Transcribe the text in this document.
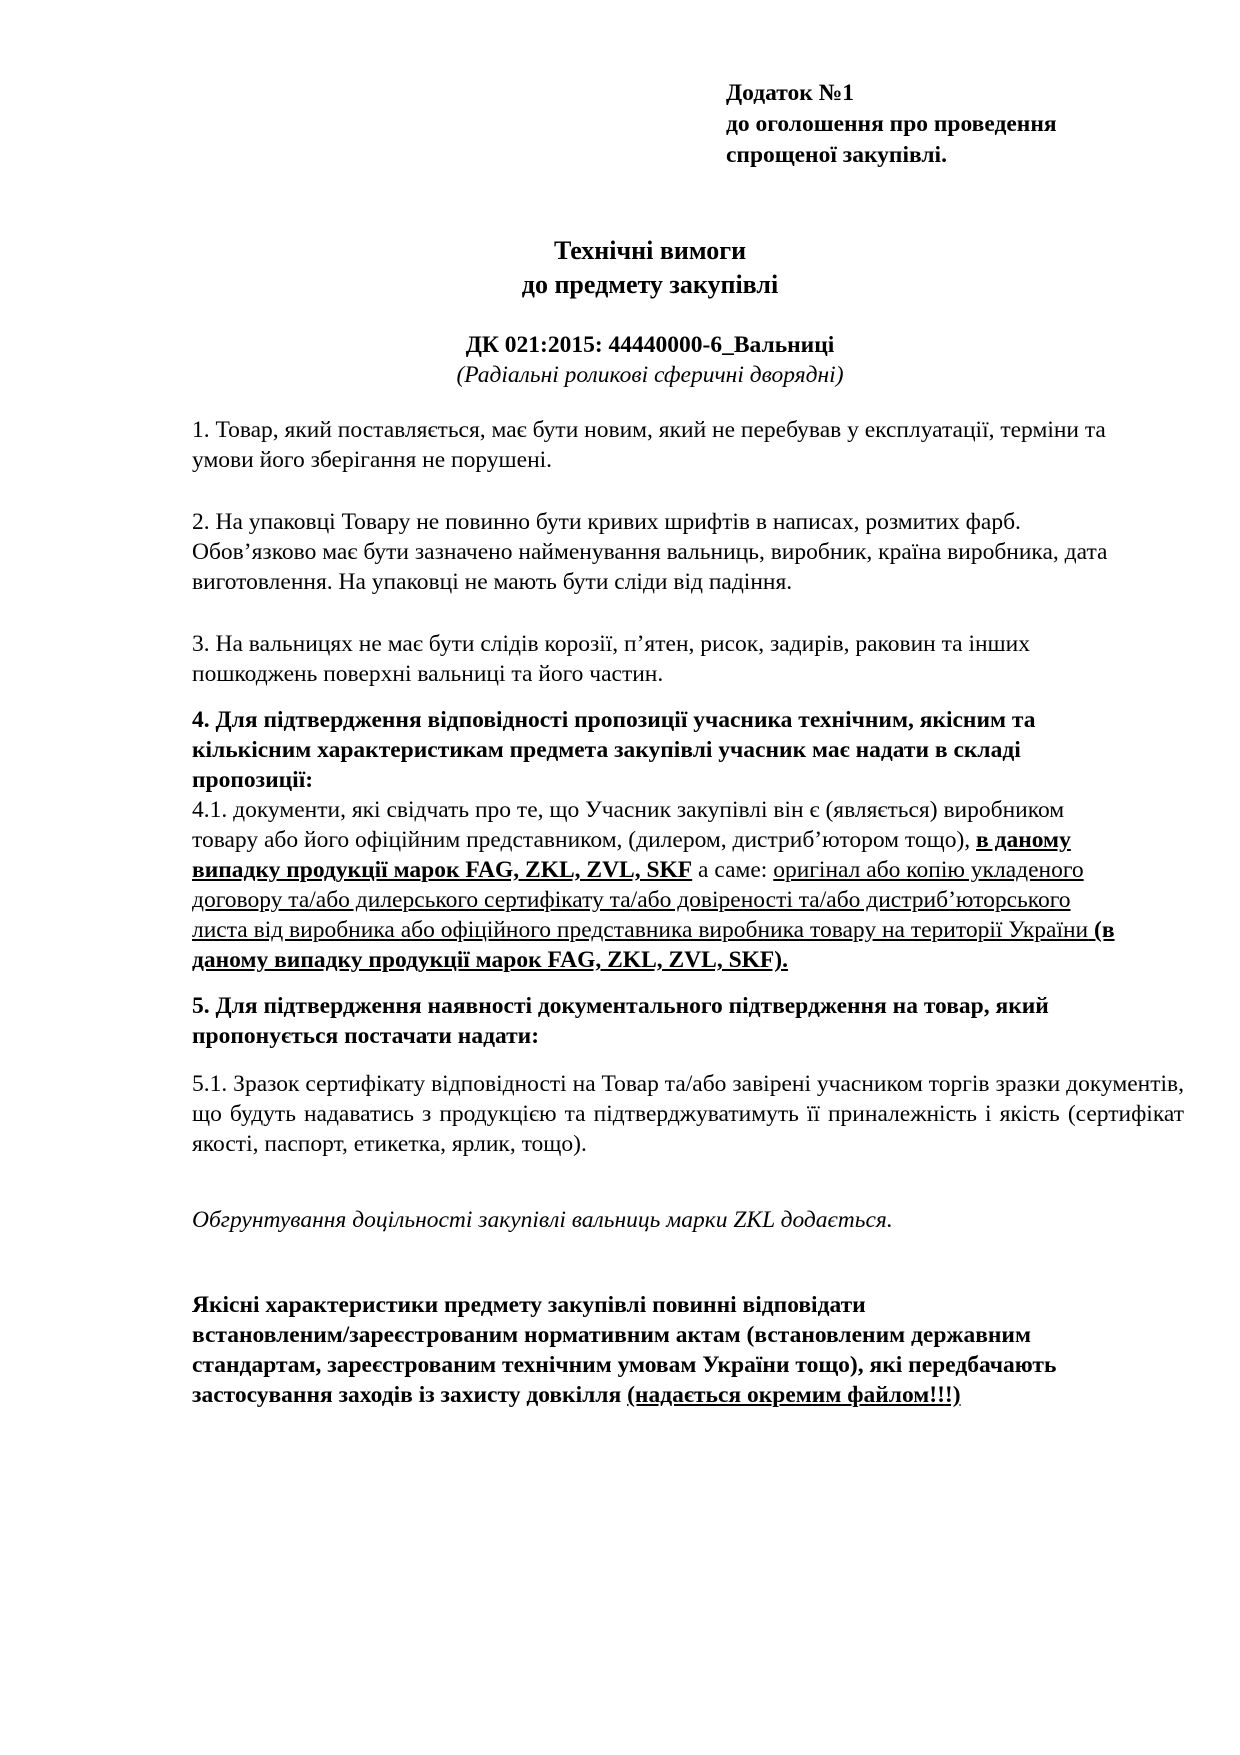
Додаток №1
до оголошення про проведення
спрощеної закупівлі.
Технічні вимоги
до предмету закупівлі
ДК 021:2015: 44440000-6_Вальниці
(Радіальні роликові сферичні дворядні)
1. Товар, який поставляється, має бути новим, який не перебував у експлуатації, терміни та
умови його зберігання не порушені.
2. На упаковці Товару не повинно бути кривих шрифтів в написах, розмитих фарб.
Обов’язково має бути зазначено найменування вальниць, виробник, країна виробника, дата
виготовлення. На упаковці не мають бути сліди від падіння.
3. На вальницях не має бути слідів корозії, п’ятен, рисок, задирів, раковин та інших
пошкоджень поверхні вальниці та його частин.
4. Для підтвердження відповідності пропозиції учасника технічним, якісним та
кількісним характеристикам предмета закупівлі учасник має надати в складі
пропозиції:
4.1. документи, які свідчать про те, що Учасник закупівлі він є (являється) виробником
товару або його офіційним представником, (дилером, дистриб’ютором тощо), в даному
випадку продукції марок FAG, ZKL, ZVL, SKF а саме: оригінал або копію укладеного
договору та/або дилерського сертифікату та/або довіреності та/або дистриб’юторського
листа від виробника або офіційного представника виробника товару на території України (в
даному випадку продукції марок FAG, ZKL, ZVL, SKF).
5. Для підтвердження наявності документального підтвердження на товар, який
пропонується постачати надати:
5.1. Зразок сертифікату відповідності на Товар та/або завірені учасником торгів зразки документів, що будуть надаватись з продукцією та підтверджуватимуть її приналежність і якість (сертифікат якості, паспорт, етикетка, ярлик, тощо).
Обгрунтування доцільності закупівлі вальниць марки ZKL додається.
Якісні характеристики предмету закупівлі повинні відповідати
встановленим/зареєстрованим нормативним актам (встановленим державним
стандартам, зареєстрованим технічним умовам України тощо), які передбачають
застосування заходів із захисту довкілля (надається окремим файлом!!!)
